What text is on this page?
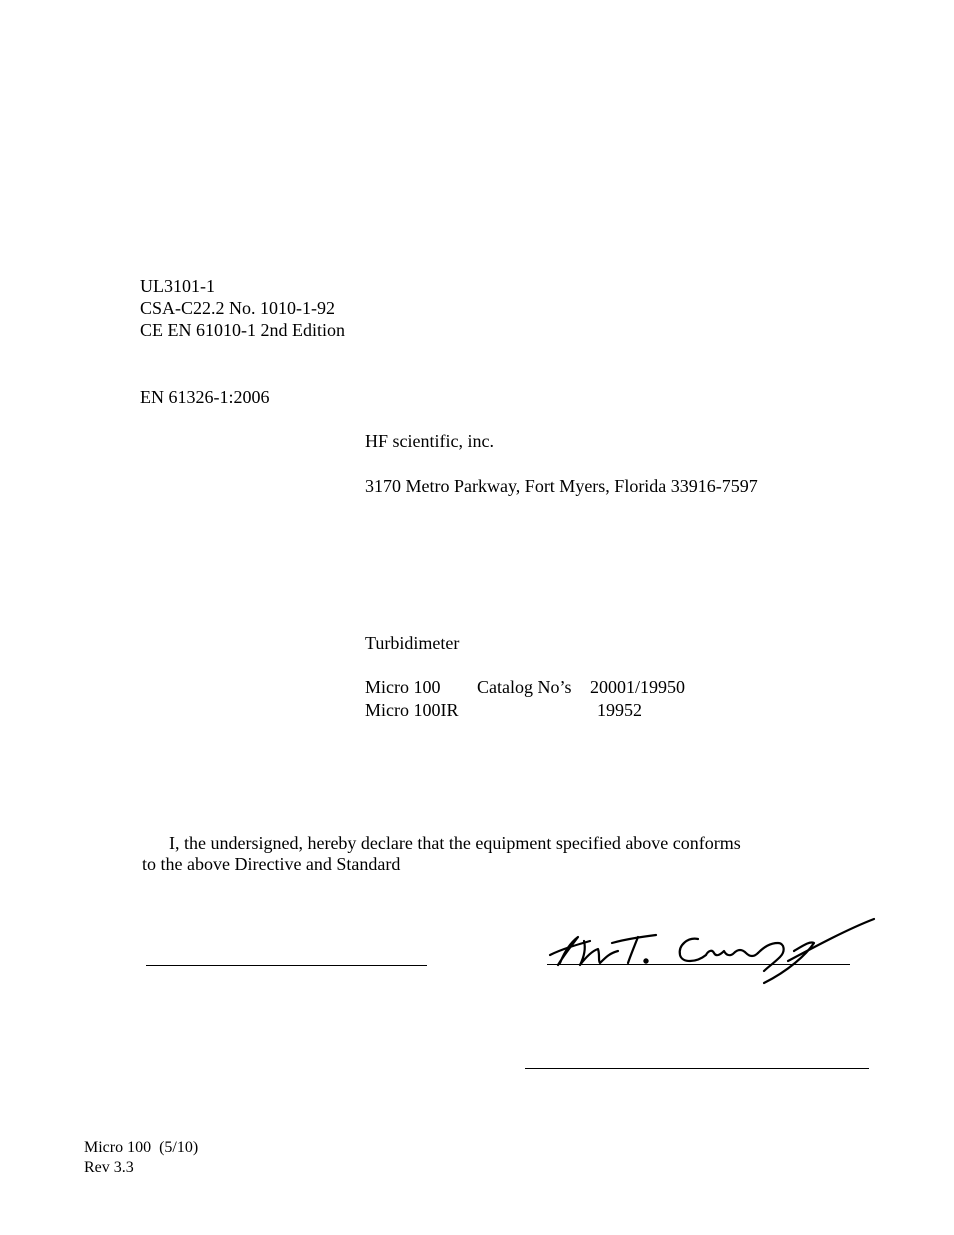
UL3101-1
CSA-C22.2 No. 1010-1-92
CE EN 61010-1 2nd Edition
EN 61326-1:2006
HF scientific, inc.
3170 Metro Parkway, Fort Myers, Florida 33916-7597
Turbidimeter
Micro 100 Catalog No’s 20001/19950
Micro 100IR	19952
I, the undersigned, hereby declare that the equipment specified above conforms
to the above Directive and Standard
Micro 100  (5/10)
Rev 3.3
